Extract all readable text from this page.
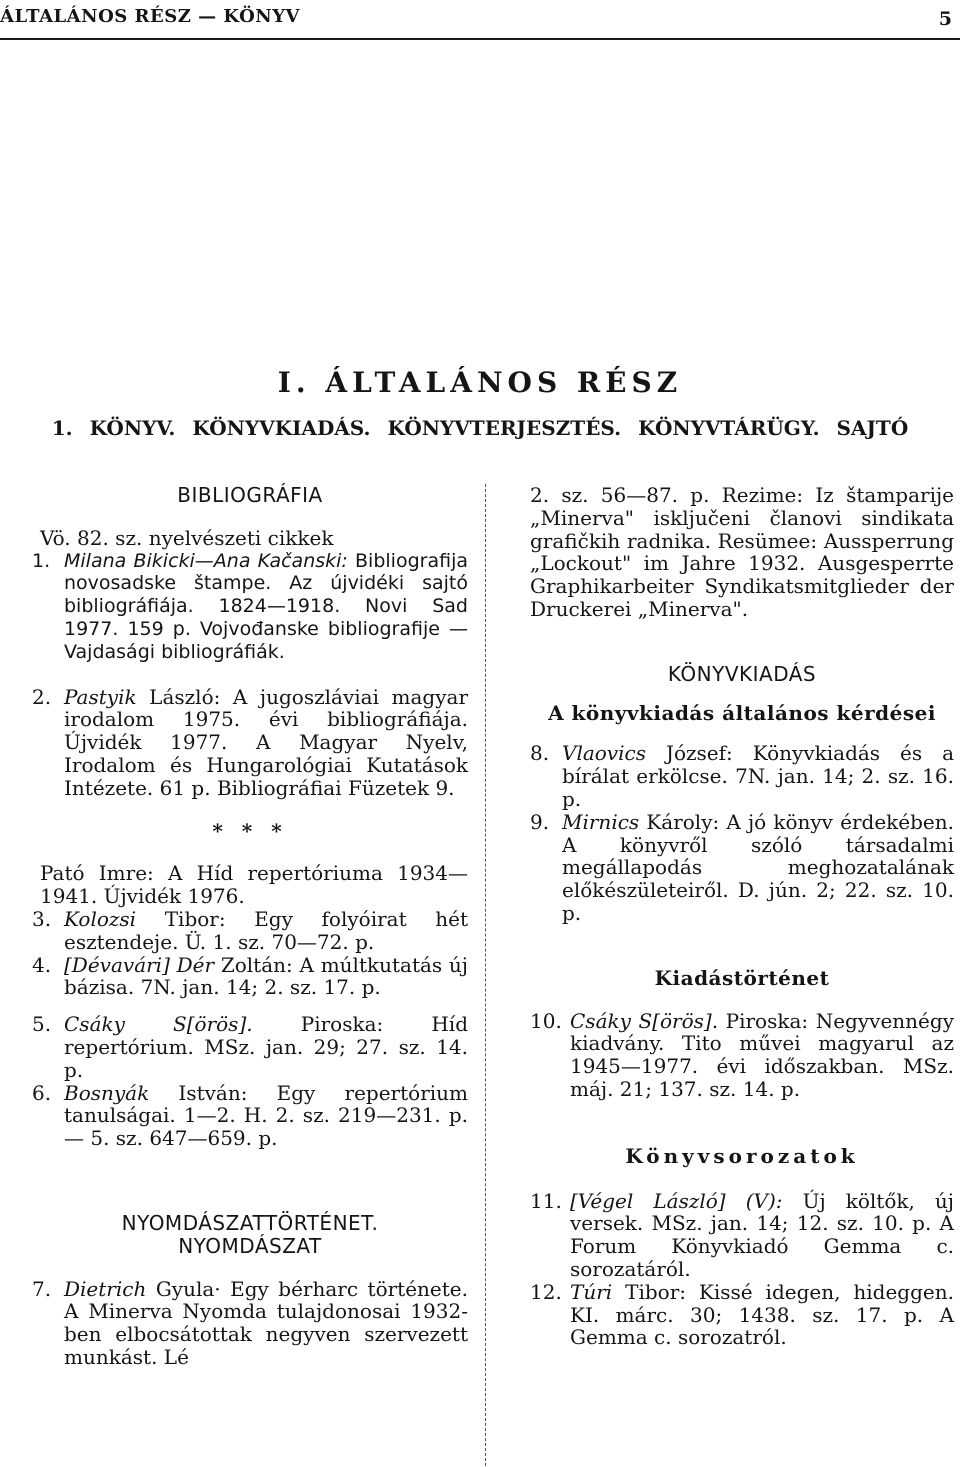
ÁLTALÁNOS RÉSZ — KÖNYV	5
I. ÁLTALÁNOS RÉSZ
1. KÖNYV. KÖNYVKIADÁS. KÖNYVTERJESZTÉS. KÖNYVTÁRÜGY. SAJTÓ
BIBLIOGRÁFIA
Vö. 82. sz. nyelvészeti cikkek
1. Milana Bikicki—Ana Kačanski: Bibliografija novosadske štampe. Az újvidéki sajtó bibliográfiája. 1824—1918. Novi Sad 1977. 159 p. Vojvođanske bibliografije — Vajdasági bibliográfiák.
2. Pastyik László: A jugoszláviai magyar irodalom 1975. évi bibliográfiája. Újvidék 1977. A Magyar Nyelv, Irodalom és Hungarológiai Kutatások Intézete. 61 p. Bibliográfiai Füzetek 9.
* * *
Pató Imre: A Híd repertóriuma 1934—1941. Újvidék 1976.
3. Kolozsi Tibor: Egy folyóirat hét esztendeje. Ü. 1. sz. 70—72. p.
4. [Dévavári] Dér Zoltán: A múltkutatás új bázisa. 7N. jan. 14; 2. sz. 17. p.
5. Csáky S[örös]. Piroska: Híd repertórium. MSz. jan. 29; 27. sz. 14. p.
6. Bosnyák István: Egy repertórium tanulságai. 1—2. H. 2. sz. 219—231. p. — 5. sz. 647—659. p.
NYOMDÁSZATTÖRTÉNET.
NYOMDÁSZAT
7. Dietrich Gyula· Egy bérharc története. A Minerva Nyomda tulajdonosai 1932-ben elbocsátottak negyven szervezett munkást. Lé
2. sz. 56—87. p. Rezime: Iz štamparije „Minerva" isključeni članovi sindikata grafičkih radnika. Resümee: Aussperrung „Lockout" im Jahre 1932. Ausgesperrte Graphikarbeiter Syndikatsmitglieder der Druckerei „Minerva".
KÖNYVKIADÁS
A könyvkiadás általános kérdései
8. Vlaovics József: Könyvkiadás és a bírálat erkölcse. 7N. jan. 14; 2. sz. 16. p.
9. Mirnics Károly: A jó könyv érdekében. A könyvről szóló társadalmi megállapodás meghozatalának előkészületeiről. D. jún. 2; 22. sz. 10. p.
Kiadástörténet
10. Csáky S[örös]. Piroska: Negyvennégy kiadvány. Tito művei magyarul az 1945—1977. évi időszakban. MSz. máj. 21; 137. sz. 14. p.
Könyvsorozatok
11. [Végel László] (V): Új költők, új versek. MSz. jan. 14; 12. sz. 10. p. A Forum Könyvkiadó Gemma c. sorozatáról.
12. Túri Tibor: Kissé idegen, hideggen. KI. márc. 30; 1438. sz. 17. p. A Gemma c. sorozatról.
